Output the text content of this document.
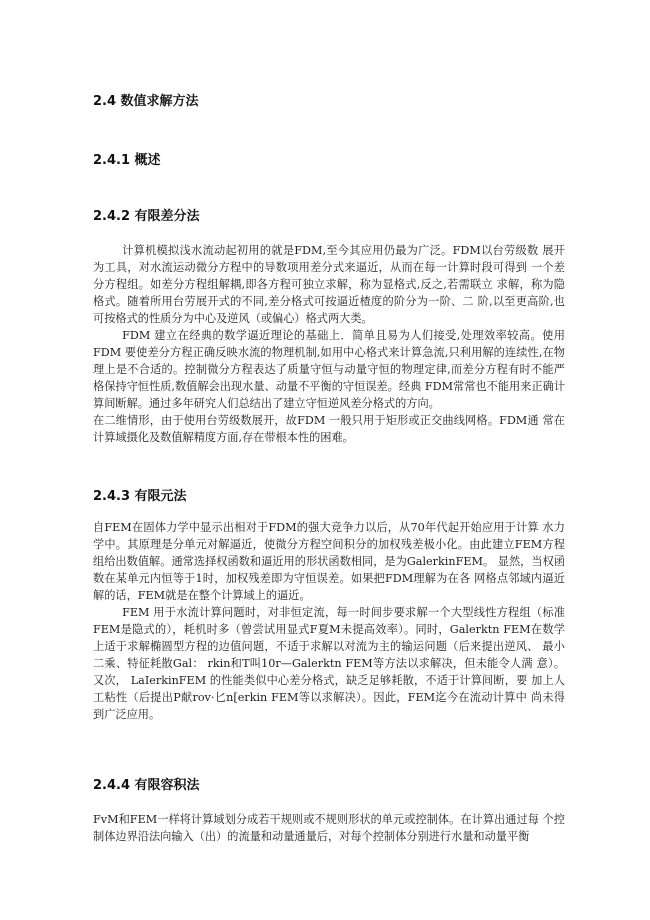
2.4 数值求解方法
2.4.1 概述
2.4.2 有限差分法

计算机模拟浅水流动起初用的就是FDM,至今其应用仍最为广泛。FDM以台劳级数 展开为工具，对水流运动微分方程中的导数项用差分式来逼近，从而在每一计算时段可得到 一个差分方程组。如差分方程组解耦,即各方程可独立求解，称为显格式,反之,若需联立 求解，称为隐格式。随着所用台劳展开式的不同,差分格式可按逼近楂度的阶分为一阶、二 阶,以至更高阶,也可按格式的性质分为中心及逆风（或偏心）格式两大类。

FDM 建立在经典的数学逼近理论的基础上．简单且易为人们接受,处理效率较高。使用 FDM 要使差分方程正确反映水流的物理机制,如用中心格式来计算急流,只利用解的连续性,在物理上是不合适的。控制微分方程表达了质量守恒与动量守恒的物理定律,而差分方程有时不能严格保持守恒性质,数值解会出现水量、动量不平衡的守恒误差。经典 FDM常常也不能用来正确计算间断解。通过多年研究人们总结出了建立守恒逆风差分格式的方向。

在二维情形，由于使用台劳级数展开，故FDM 一般只用于矩形或正交曲线网格。FDM通 常在计算域摄化及数值解精度方面,存在带根本性的困难。

2.4.3 有限元法

自FEM在固体力学中显示出相对于FDM的强大竞争力以后，从70年代起开始应用于计算 水力学中。其原理是分单元对解逼近，使微分方程空间积分的加权残差极小化。由此建立FEM方程组给出数值解。通常选择权函数和逼近用的形状函数相同，是为GalerkinFEM。 显然，当权函数在某单元内恒等于1时，加权残差即为守恒误差。如果把FDM理解为在各 网格点邻域内逼近解的话，FEM就是在整个计算域上的逼近。

FEM 用于水流计算问题时，对非恒定流，每一时间步要求解一个大型线性方程组（标准FEM是隐式的），耗机时多（曾尝试用显式F夏M未提高效率）。同时，Galerktn FEM在数学上适于求解椭圆型方程的边值问题，不适于求解以对流为主的输运问题（后来提出逆风、 最小二乘、特征耗散Gal： rkin和T叫10r—Galerktn FEM等方法以求解决，但未能令人满 意）。又次， LaIerkinFEM 的性能类似中心差分格式，缺乏足够耗散，不适于计算间断，要 加上人工粘性（后提出P献rov·匕n[erkin FEM等以求解决）。因此，FEM迄今在流动计算中 尚未得到广泛应用。

2.4.4 有限容积法

FvM和FEM一样将计算域划分成若干规则或不规则形状的单元或控制体。在计算出通过每 个控制体边界沿法向输入（出）的流量和动量通量后，对每个控制体分别进行水量和动量平衡
